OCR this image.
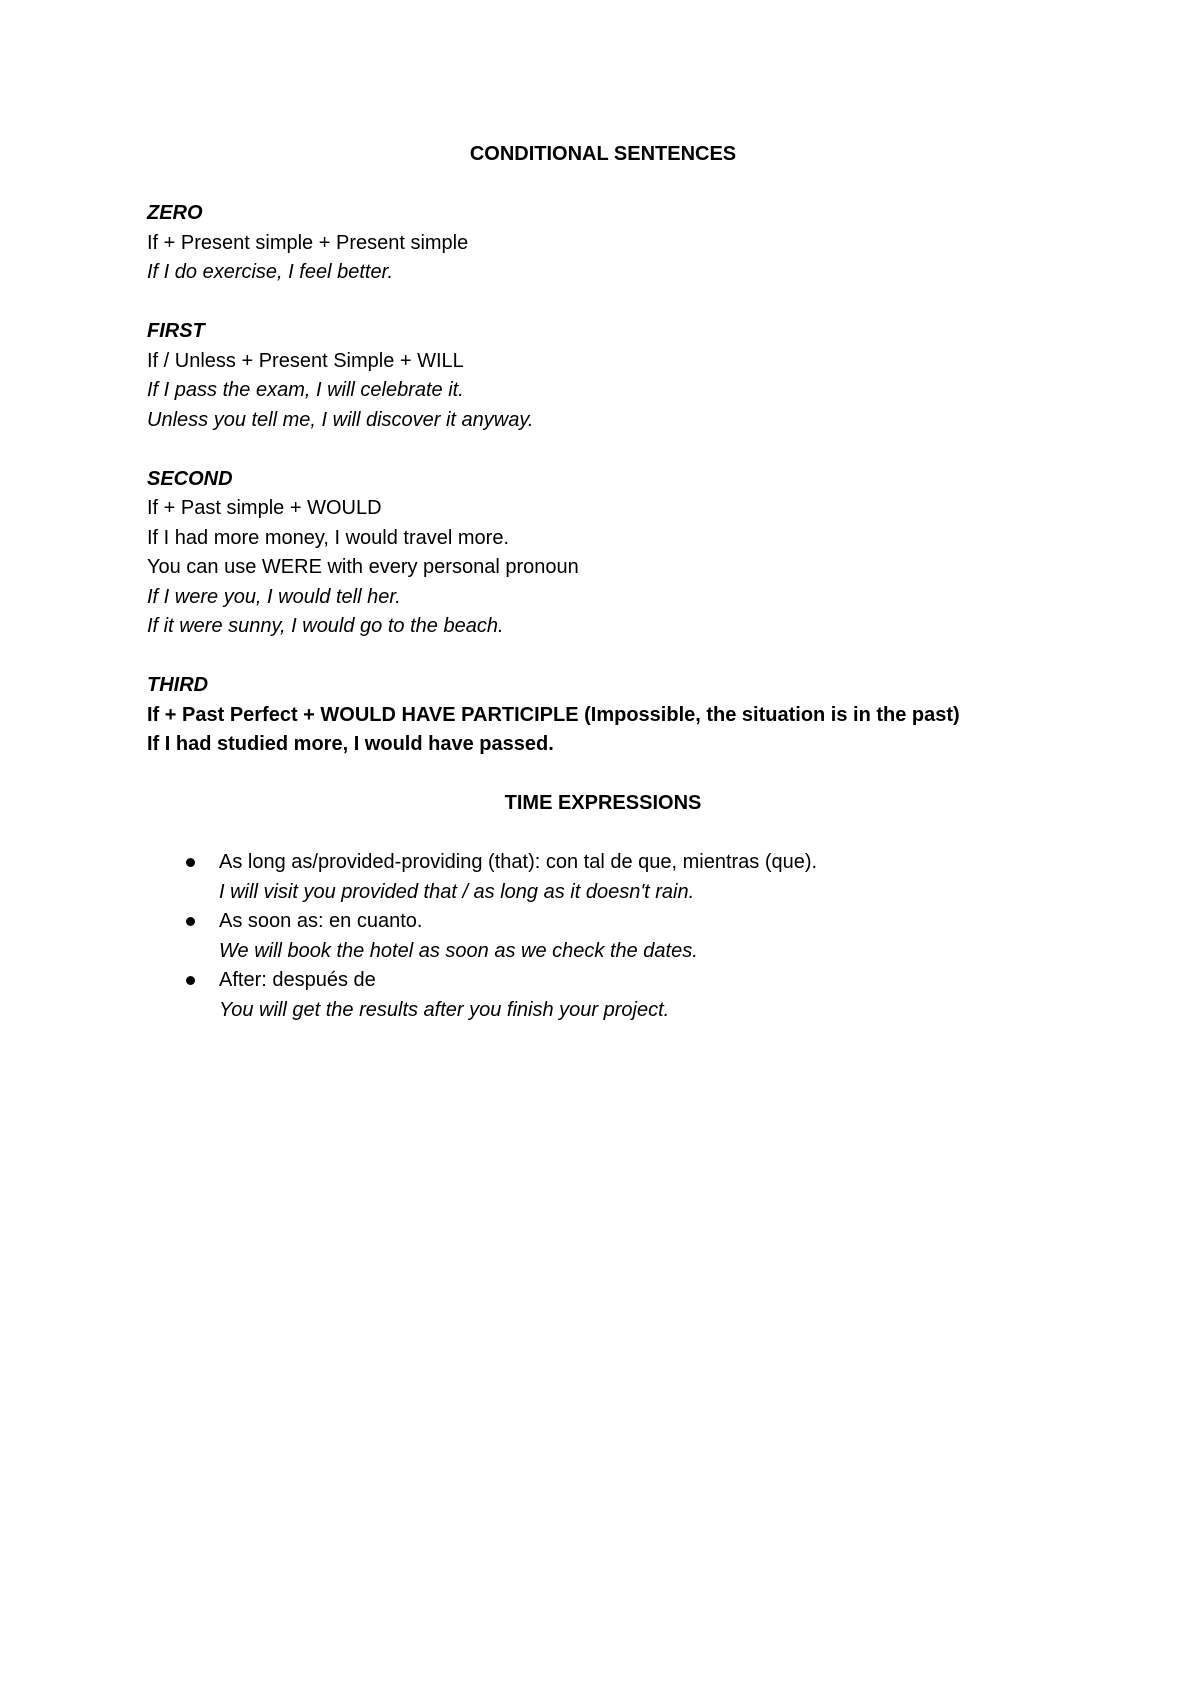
CONDITIONAL SENTENCES

ZERO

If + Present simple + Present simple

If I do exercise, I feel better.

FIRST

If / Unless + Present Simple + WILL

If I pass the exam, I will celebrate it.

Unless you tell me, I will discover it anyway.

SECOND

If + Past simple + WOULD

If I had more money, I would travel more.

You can use WERE with every personal pronoun

If I were you, I would tell her.

If it were sunny, I would go to the beach.

THIRD

If + Past Perfect + WOULD HAVE PARTICIPLE (Impossible, the situation is in the past)

If I had studied more, I would have passed.

TIME EXPRESSIONS

As long as/provided-providing (that): con tal de que, mientras (que).

I will visit you provided that / as long as it doesn't rain.

As soon as: en cuanto.

We will book the hotel as soon as we check the dates.

After: después de

You will get the results after you finish your project.
